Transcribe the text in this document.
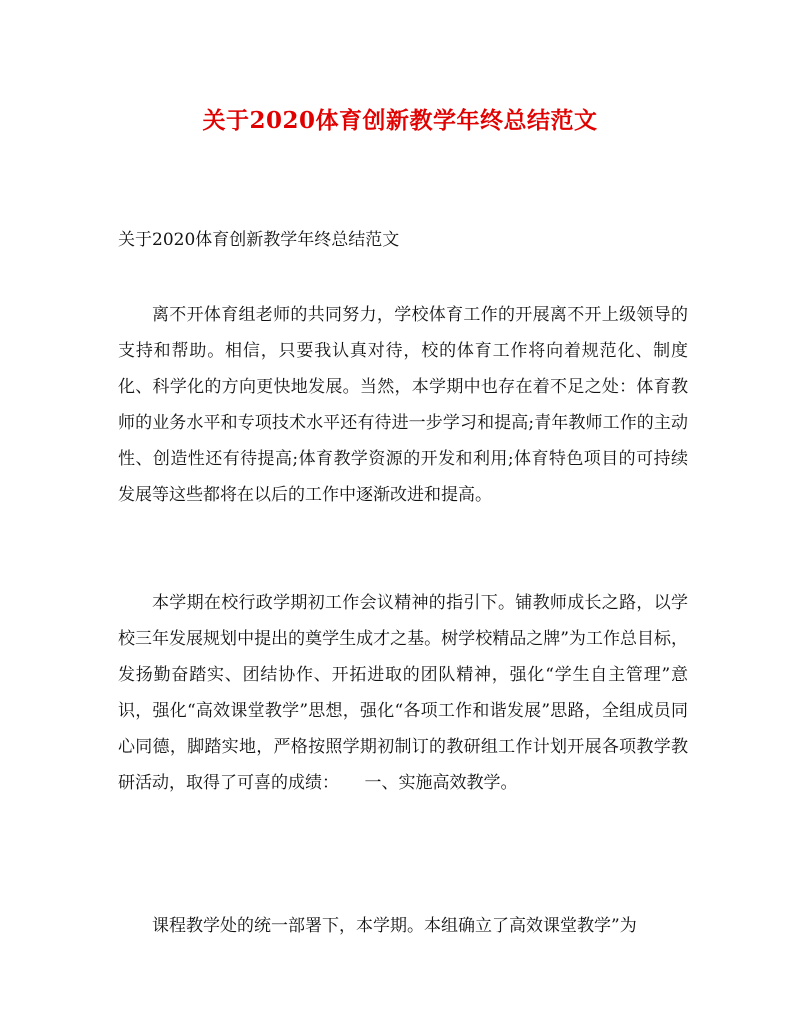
关于2020体育创新教学年终总结范文

关于2020体育创新教学年终总结范文

离不开体育组老师的共同努力，学校体育工作的开展离不开上级领导的支持和帮助。相信，只要我认真对待，校的体育工作将向着规范化、制度化、科学化的方向更快地发展。当然，本学期中也存在着不足之处：体育教师的业务水平和专项技术水平还有待进一步学习和提高;青年教师工作的主动性、创造性还有待提高;体育教学资源的开发和利用;体育特色项目的可持续发展等这些都将在以后的工作中逐渐改进和提高。

本学期在校行政学期初工作会议精神的指引下。铺教师成长之路，以学校三年发展规划中提出的奠学生成才之基。树学校精品之牌”为工作总目标，发扬勤奋踏实、团结协作、开拓进取的团队精神，强化“学生自主管理”意识，强化“高效课堂教学”思想，强化“各项工作和谐发展”思路，全组成员同心同德，脚踏实地，严格按照学期初制订的教研组工作计划开展各项教学教研活动，取得了可喜的成绩：　　一、实施高效教学。

课程教学处的统一部署下，本学期。本组确立了高效课堂教学”为
